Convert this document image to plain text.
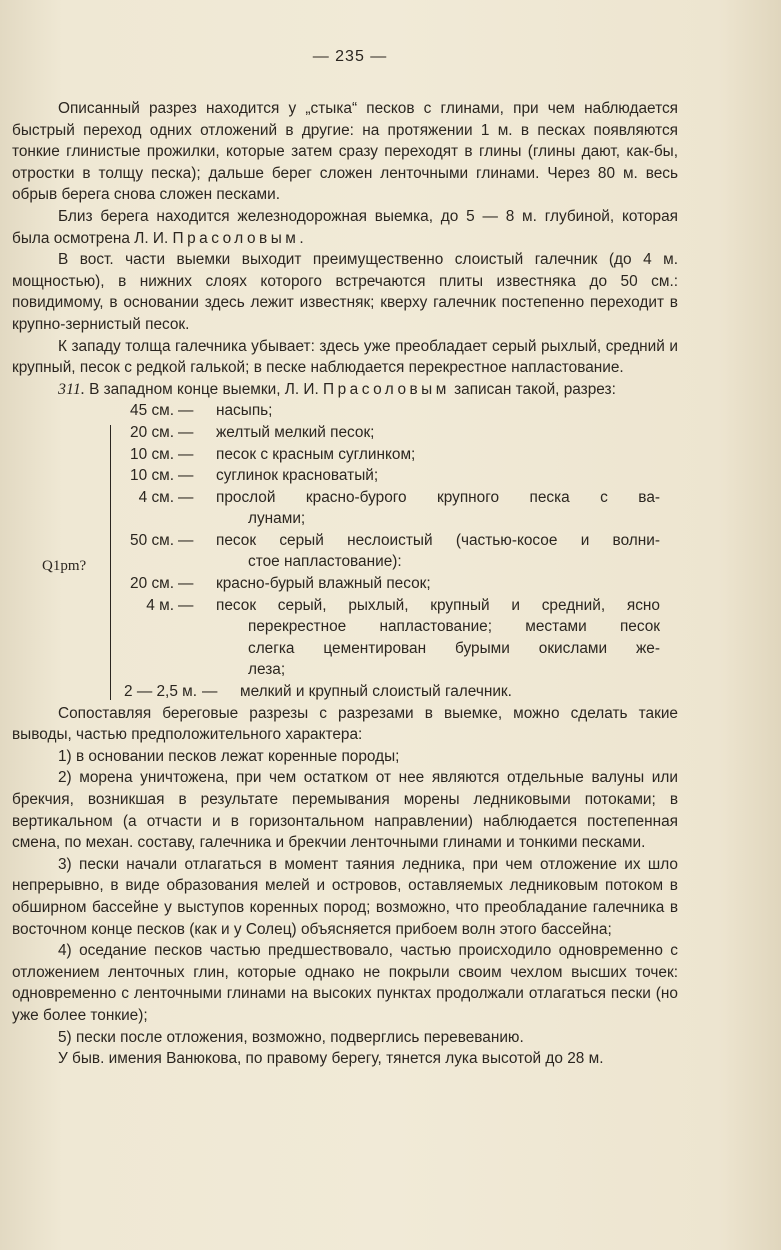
— 235 —

Описанный разрез находится у „стыка“ песков с глинами, при чем наблюдается быстрый переход одних отложений в другие: на протяжении 1 м. в песках появляются тонкие глинистые прожилки, которые затем сразу переходят в глины (глины дают, как-бы, отростки в толщу песка); дальше берег сложен ленточными глинами. Через 80 м. весь обрыв берега снова сложен песками.

Близ берега находится железнодорожная выемка, до 5 — 8 м. глубиной, которая была осмотрена Л. И. Прасоловым.

В вост. части выемки выходит преимущественно слоистый галечник (до 4 м. мощностью), в нижних слоях которого встречаются плиты известняка до 50 см.: повидимому, в основании здесь лежит известняк; кверху галечник постепенно переходит в крупно-зернистый песок.

К западу толща галечника убывает: здесь уже преобладает серый рыхлый, средний и крупный, песок с редкой галькой; в песке наблюдается перекрестное напластование.

311. В западном конце выемки, Л. И. Прасоловым записан такой, разрез:

Q1pm?
45 см. —	насыпь;
20 см. —	желтый мелкий песок;
10 см. —	песок с красным суглинком;
10 см. —	суглинок красноватый;
4 см. —	прослой красно-бурого крупного песка с ва-
лунами;
50 см. —	песок серый неслоистый (частью-косое и волни-
стое напластование):
20 см. —	красно-бурый влажный песок;
4 м. —	песок серый, рыхлый, крупный и средний, ясно
перекрестное напластование; местами песок
слегка цементирован бурыми окислами же-
леза;
2 — 2,5 м. —	мелкий и крупный слоистый галечник.

Сопоставляя береговые разрезы с разрезами в выемке, можно сделать такие выводы, частью предположительного характера:

1) в основании песков лежат коренные породы;

2) морена уничтожена, при чем остатком от нее являются отдельные валуны или брекчия, возникшая в результате перемывания морены ледниковыми потоками; в вертикальном (а отчасти и в горизонтальном направлении) наблюдается постепенная смена, по механ. составу, галечника и брекчии ленточными глинами и тонкими песками.

3) пески начали отлагаться в момент таяния ледника, при чем отложение их шло непрерывно, в виде образования мелей и островов, оставляемых ледниковым потоком в обширном бассейне у выступов коренных пород; возможно, что преобладание галечника в восточном конце песков (как и у Солец) объясняется прибоем волн этого бассейна;

4) оседание песков частью предшествовало, частью происходило одновременно с отложением ленточных глин, которые однако не покрыли своим чехлом высших точек: одновременно с ленточными глинами на высоких пунктах продолжали отлагаться пески (но уже более тонкие);

5) пески после отложения, возможно, подверглись перевеванию.

У быв. имения Ванюкова, по правому берегу, тянется лука высотой до 28 м.
